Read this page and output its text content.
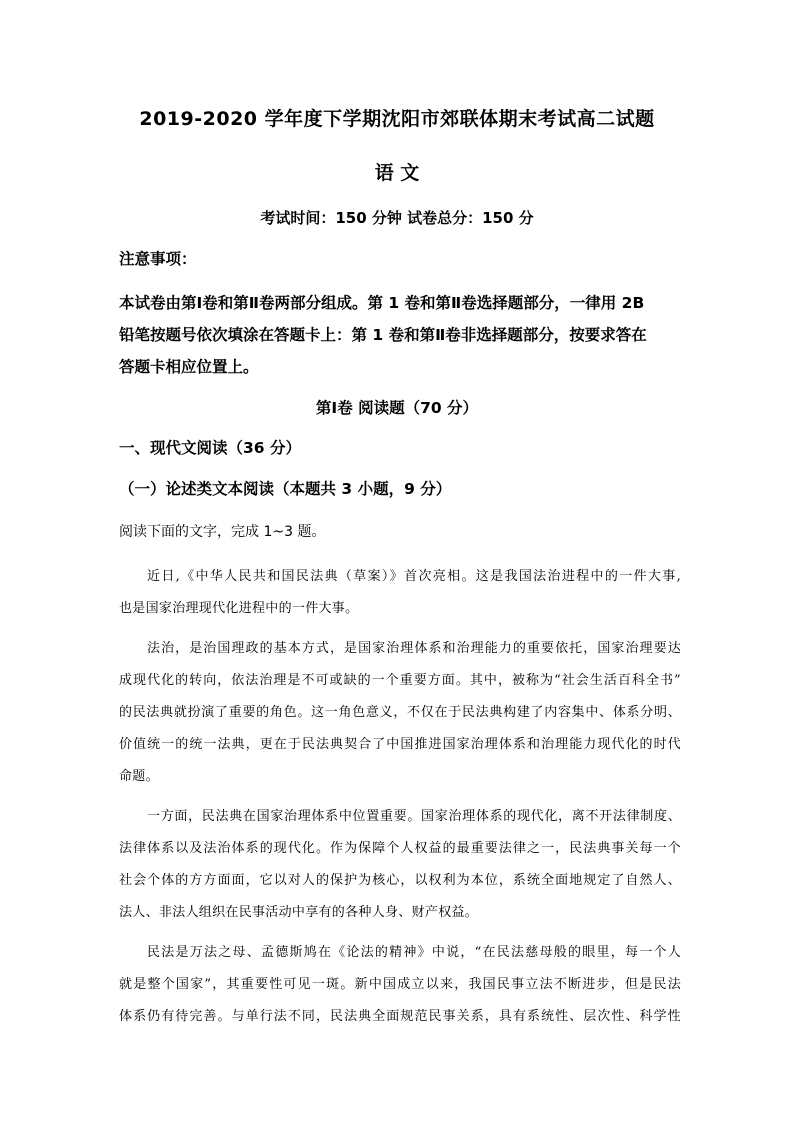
2019-2020 学年度下学期沈阳市郊联体期末考试高二试题
语 文
考试时间：150 分钟 试卷总分：150 分
注意事项：
本试卷由第Ⅰ卷和第Ⅱ卷两部分组成。第 1 卷和第Ⅱ卷选择题部分，一律用 2B
铅笔按题号依次填涂在答题卡上：第 1 卷和第Ⅱ卷非选择题部分，按要求答在
答题卡相应位置上。
第Ⅰ卷 阅读题（70 分）
一、现代文阅读（36 分）
（一）论述类文本阅读（本题共 3 小题，9 分）
阅读下面的文字，完成 1~3 题。
近日,《中华人民共和国民法典（草案）》首次亮相。这是我国法治进程中的一件大事,
也是国家治理现代化进程中的一件大事。
法治，是治国理政的基本方式，是国家治理体系和治理能力的重要依托，国家治理要达
成现代化的转向，依法治理是不可或缺的一个重要方面。其中，被称为“社会生活百科全书”
的民法典就扮演了重要的角色。这一角色意义，不仅在于民法典构建了内容集中、体系分明、
价值统一的统一法典，更在于民法典契合了中国推进国家治理体系和治理能力现代化的时代
命题。
一方面，民法典在国家治理体系中位置重要。国家治理体系的现代化，离不开法律制度、
法律体系以及法治体系的现代化。作为保障个人权益的最重要法律之一，民法典事关每一个
社会个体的方方面面，它以对人的保护为核心，以权利为本位，系统全面地规定了自然人、
法人、非法人组织在民事活动中享有的各种人身、财产权益。
民法是万法之母、孟德斯鸠在《论法的精神》中说，“在民法慈母般的眼里，每一个人
就是整个国家”，其重要性可见一斑。新中国成立以来，我国民事立法不断进步，但是民法
体系仍有待完善。与单行法不同，民法典全面规范民事关系，具有系统性、层次性、科学性
